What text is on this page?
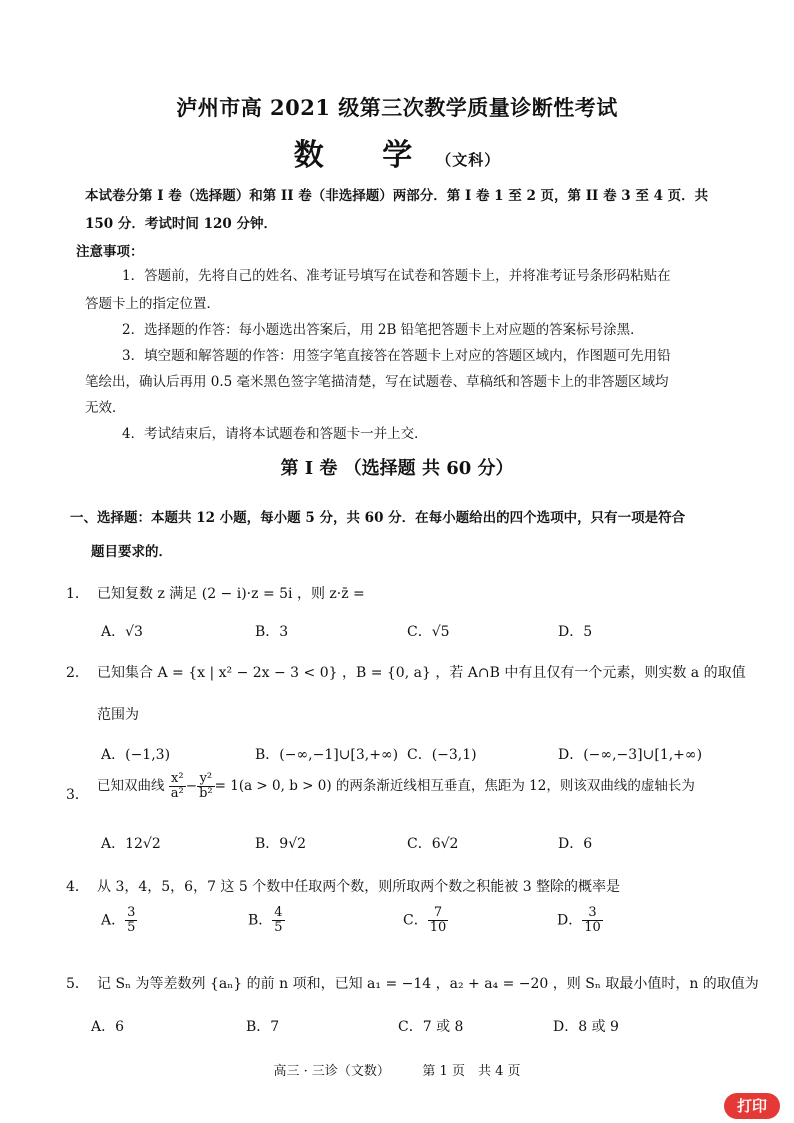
泸州市高 2021 级第三次教学质量诊断性考试
数 学（文科）
本试卷分第 I 卷（选择题）和第 II 卷（非选择题）两部分．第 I 卷 1 至 2 页，第 II 卷 3 至 4 页．共
150 分．考试时间 120 分钟．
注意事项：
1．答题前，先将自己的姓名、准考证号填写在试卷和答题卡上，并将准考证号条形码粘贴在
答题卡上的指定位置．
2．选择题的作答：每小题选出答案后，用 2B 铅笔把答题卡上对应题的答案标号涂黑．
3．填空题和解答题的作答：用签字笔直接答在答题卡上对应的答题区域内，作图题可先用铅
笔绘出，确认后再用 0.5 毫米黑色签字笔描清楚，写在试题卷、草稿纸和答题卡上的非答题区域均
无效．
4．考试结束后，请将本试题卷和答题卡一并上交．
第 I 卷 （选择题 共 60 分）
一、选择题：本题共 12 小题，每小题 5 分，共 60 分．在每小题给出的四个选项中，只有一项是符合
题目要求的．
1． 已知复数 z 满足 (2 − i)·z = 5i ，则 z·z̄ =
A．√3	B．3	C．√5	D．5
2． 已知集合 A = {x | x² − 2x − 3 < 0} ，B = {0, a} ，若 A∩B 中有且仅有一个元素，则实数 a 的取值
范围为
A．(−1,3)	B．(−∞,−1]∪[3,+∞) C．(−3,1)	D．(−∞,−3]∪[1,+∞)
3．
已知双曲线 $\frac{\text{x²}}{\text{a²}} - \frac{\text{y²}}{\text{b²}} = 1(a > 0$, b > 0) 的两条渐近线相互垂直，焦距为 12，则该双曲线的虚轴长为
A．12√2	B．9√2	C．6√2	D．6
4． 从 3，4，5，6，7 这 5 个数中任取两个数，则所取两个数之积能被 3 整除的概率是
A． $\frac{3}{5}$	B． $\frac{4}{5}$	C． $\frac{7}{10}$	D． $\frac{3}{10}$
5． 记 Sₙ 为等差数列 {aₙ} 的前 n 项和，已知 a₁ = −14 ，a₂ + a₄ = −20 ，则 Sₙ 取最小值时，n 的取值为
A．6	B．7	C．7 或 8	D．8 或 9
高三 · 三诊（文数）　　　第 1 页　共 4 页
打印
